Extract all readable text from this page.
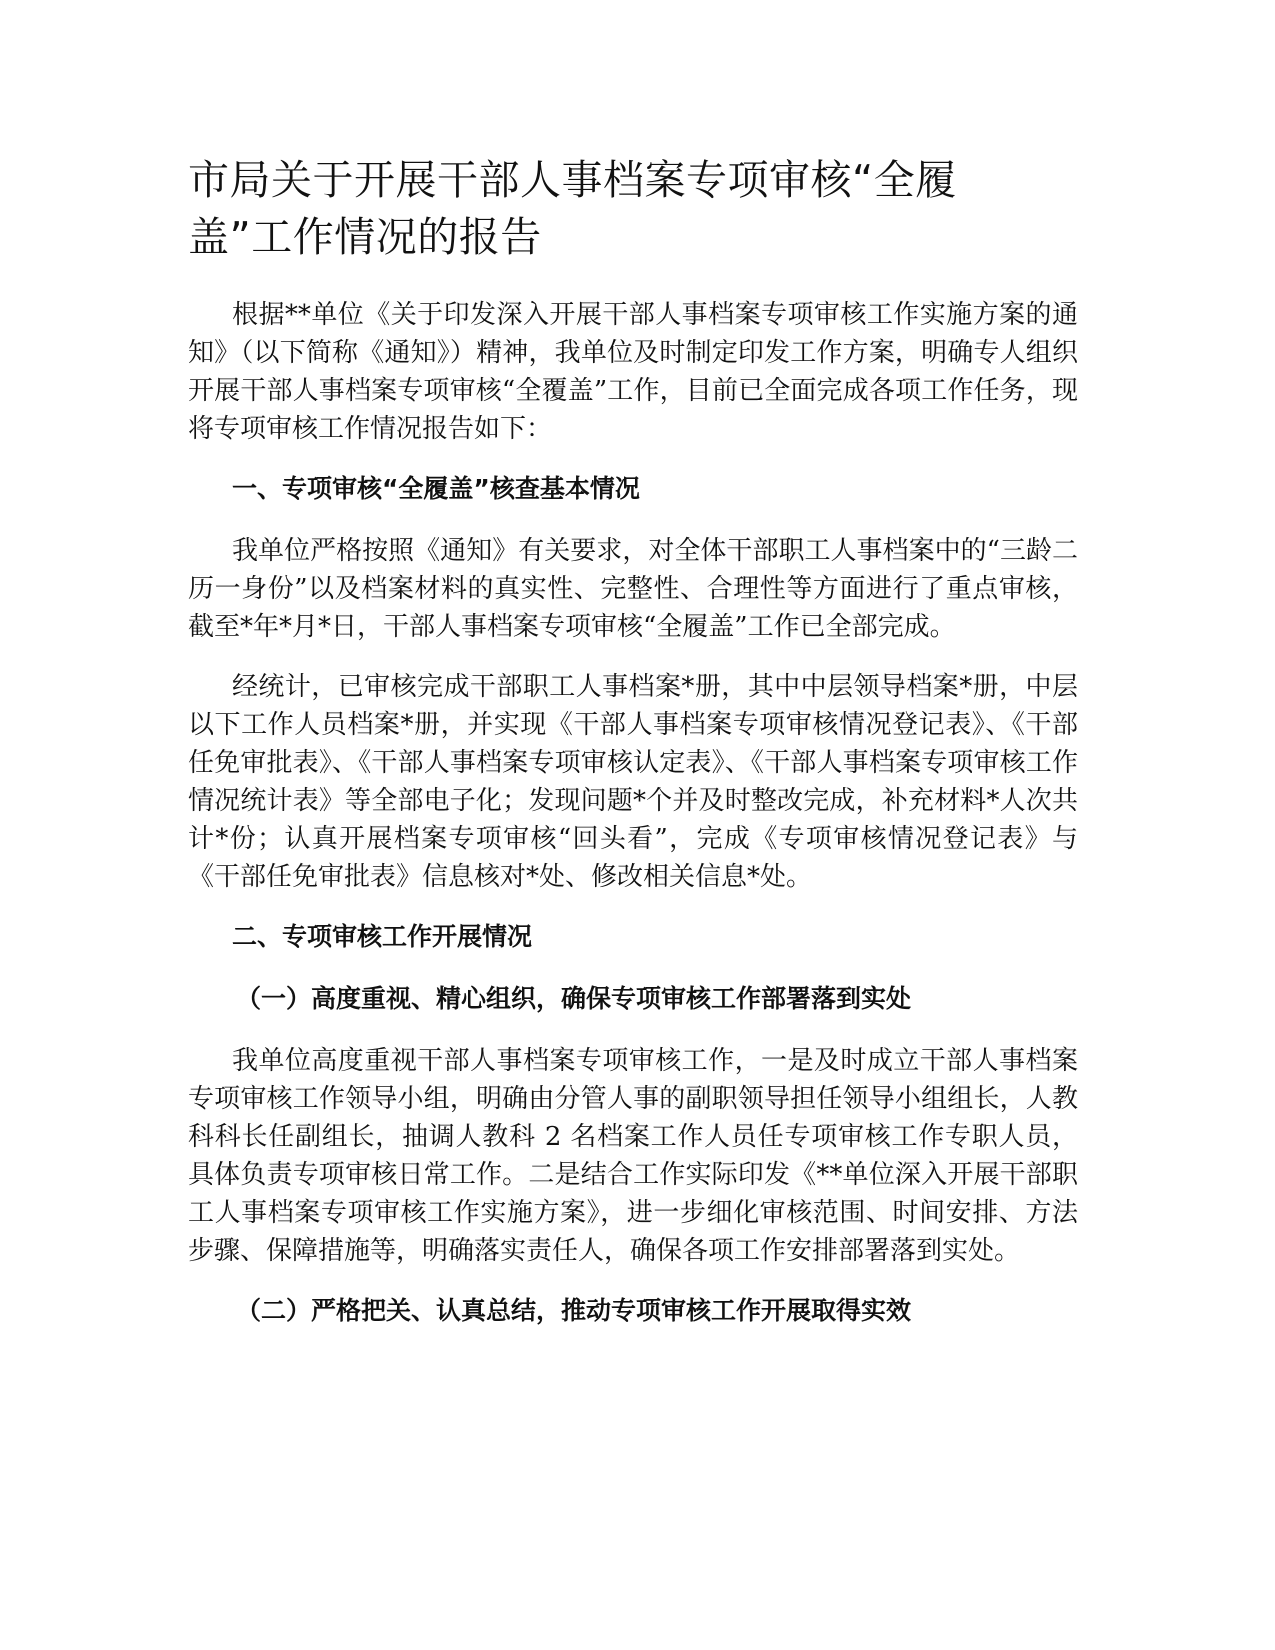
市局关于开展干部人事档案专项审核“全履盖”工作情况的报告

根据**单位《关于印发深入开展干部人事档案专项审核工作实施方案的通知》（以下简称《通知》）精神，我单位及时制定印发工作方案，明确专人组织开展干部人事档案专项审核“全覆盖”工作，目前已全面完成各项工作任务，现将专项审核工作情况报告如下：

一、专项审核“全履盖”核查基本情况

我单位严格按照《通知》有关要求，对全体干部职工人事档案中的“三龄二历一身份”以及档案材料的真实性、完整性、合理性等方面进行了重点审核，截至*年*月*日，干部人事档案专项审核“全履盖”工作已全部完成。

经统计，已审核完成干部职工人事档案*册，其中中层领导档案*册，中层以下工作人员档案*册，并实现《干部人事档案专项审核情况登记表》、《干部任免审批表》、《干部人事档案专项审核认定表》、《干部人事档案专项审核工作情况统计表》等全部电子化；发现问题*个并及时整改完成，补充材料*人次共计*份；认真开展档案专项审核“回头看”，完成《专项审核情况登记表》与《干部任免审批表》信息核对*处、修改相关信息*处。

二、专项审核工作开展情况

（一）高度重视、精心组织，确保专项审核工作部署落到实处

我单位高度重视干部人事档案专项审核工作，一是及时成立干部人事档案专项审核工作领导小组，明确由分管人事的副职领导担任领导小组组长，人教科科长任副组长，抽调人教科 2 名档案工作人员任专项审核工作专职人员，具体负责专项审核日常工作。二是结合工作实际印发《**单位深入开展干部职工人事档案专项审核工作实施方案》，进一步细化审核范围、时间安排、方法步骤、保障措施等，明确落实责任人，确保各项工作安排部署落到实处。

（二）严格把关、认真总结，推动专项审核工作开展取得实效
